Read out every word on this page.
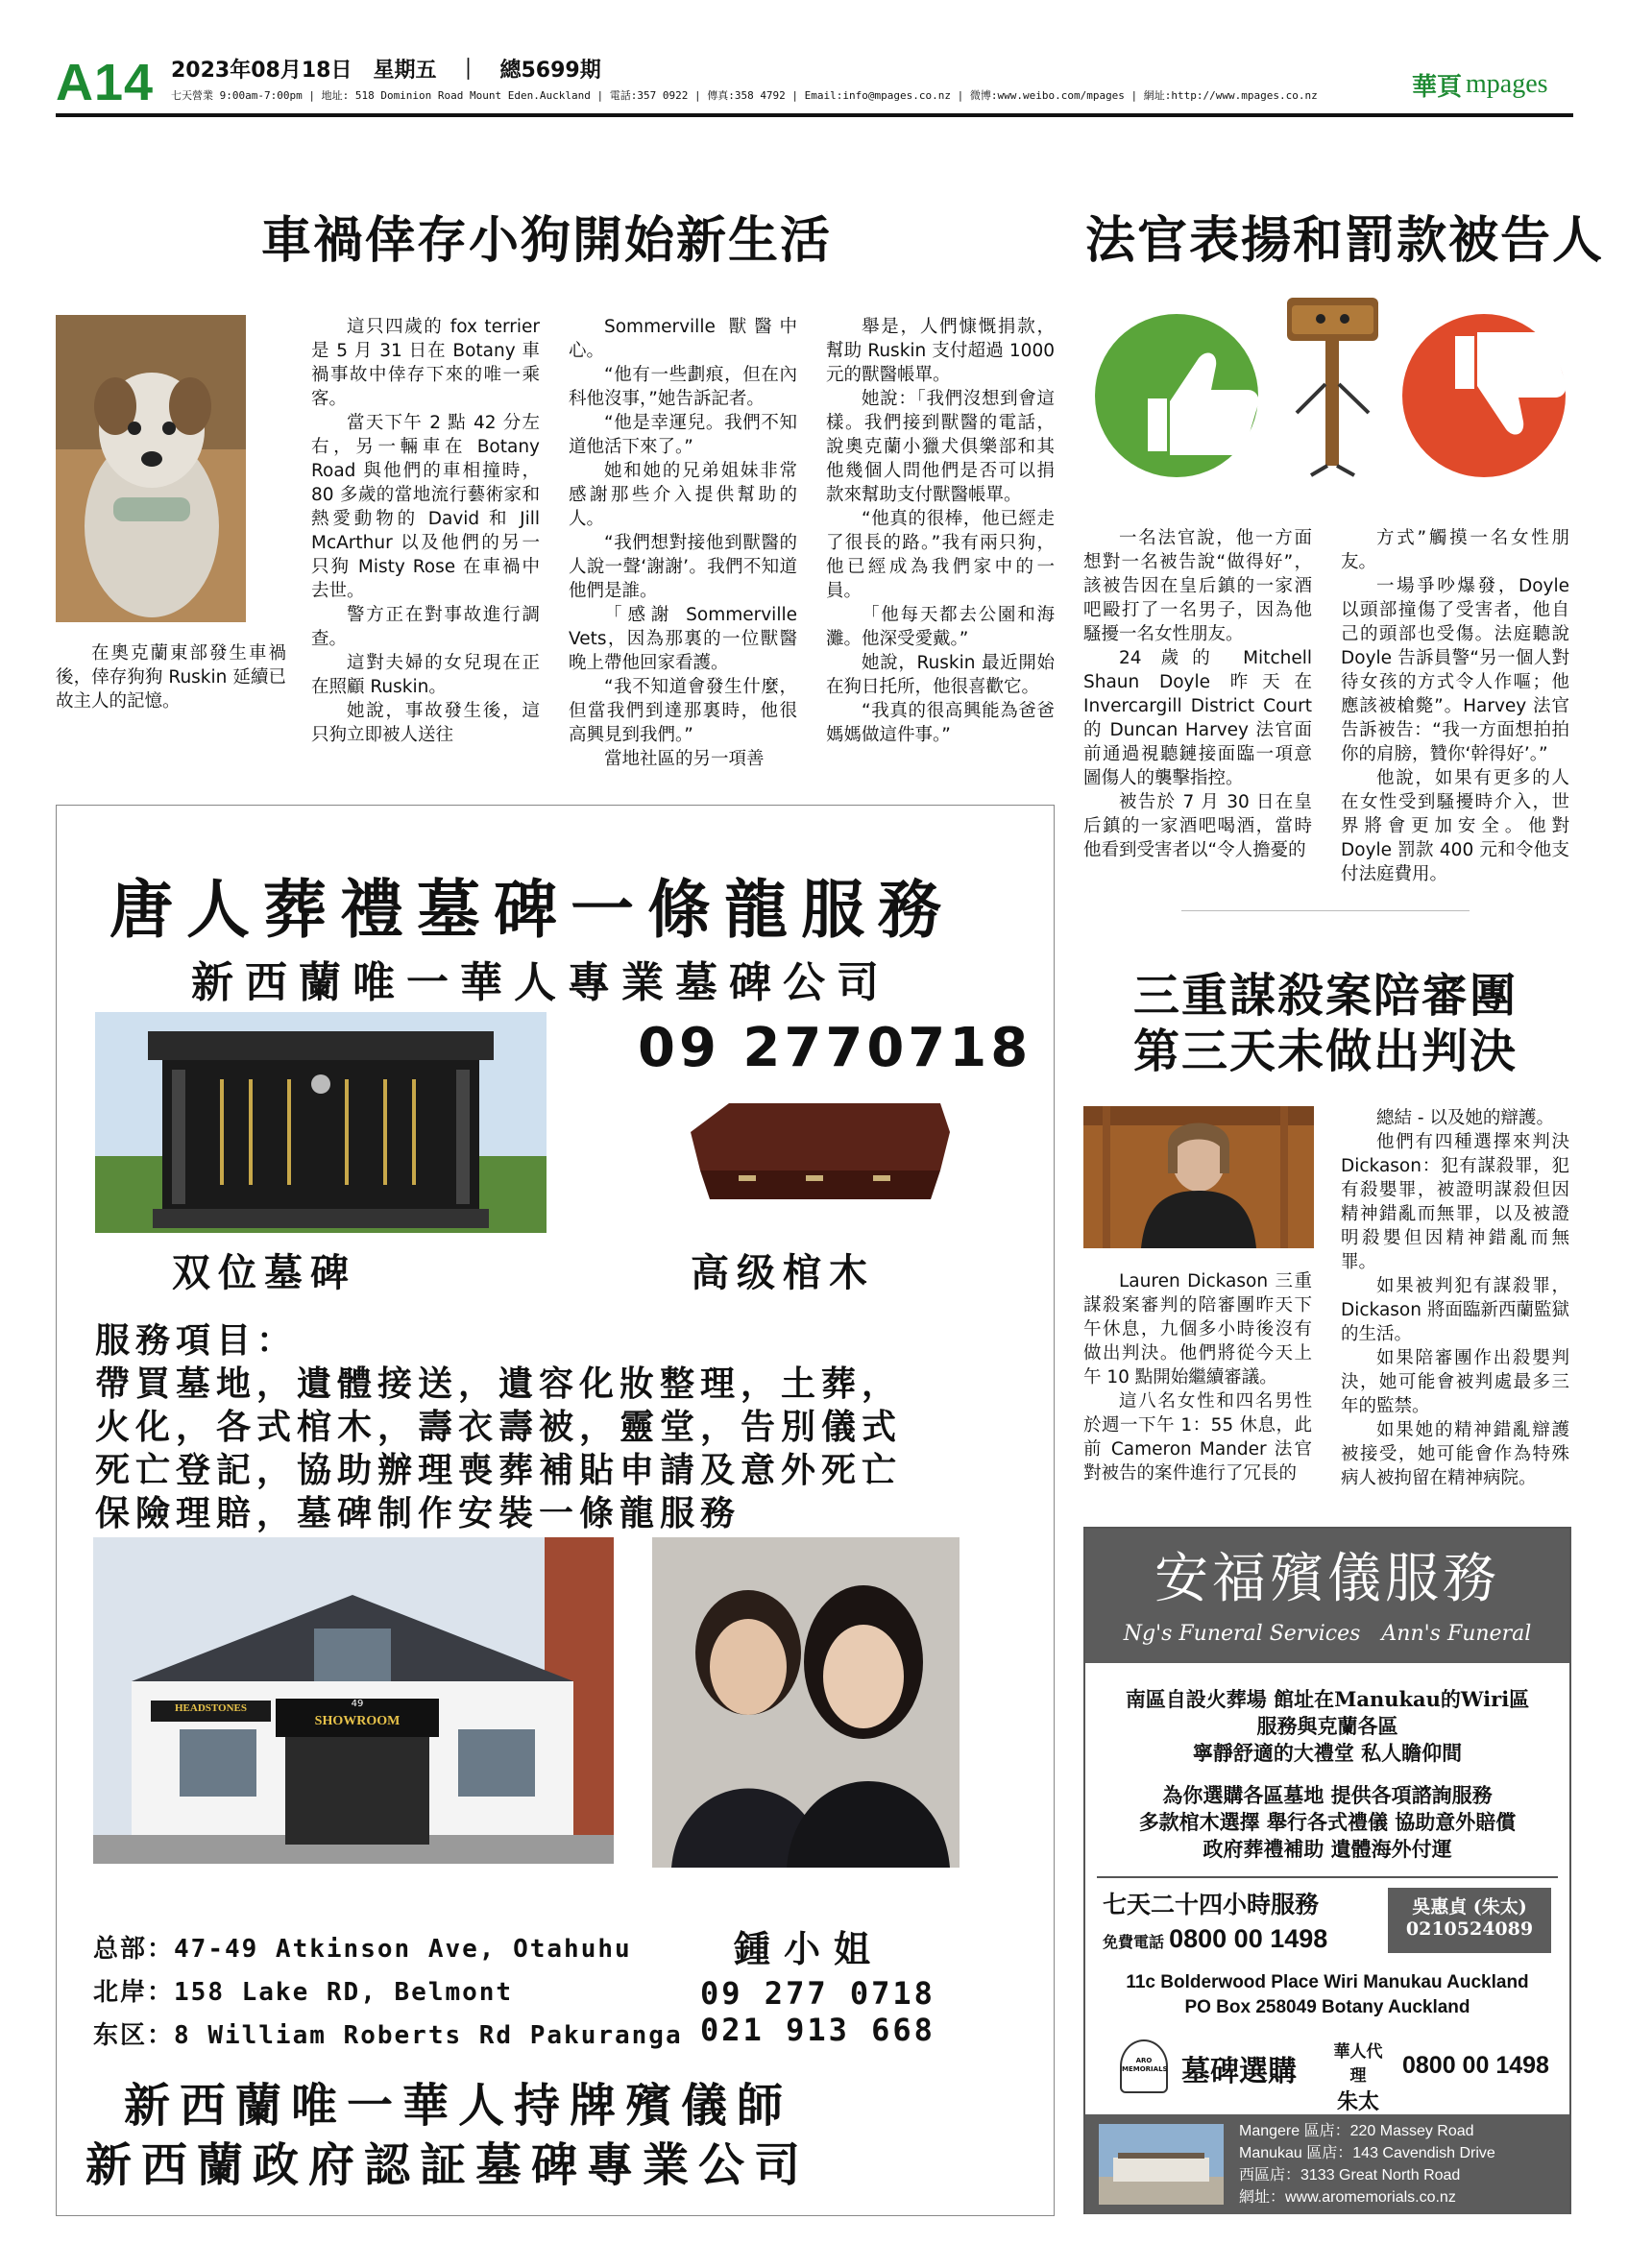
A14 2023年08月18日　星期五　｜　總5699期
七天營業 9:00am-7:00pm | 地址: 518 Dominion Road Mount Eden.Auckland | 電話:357 0922 | 傳真:358 4792 | Email:info@mpages.co.nz | 微博:www.weibo.com/mpages | 網址:http://www.mpages.co.nz	華頁 mpages
車禍倖存小狗開始新生活
在奧克蘭東部發生車禍後，倖存狗狗 Ruskin 延續已故主人的記憶。

這只四歲的 fox terrier 是 5 月 31 日在 Botany 車禍事故中倖存下來的唯一乘客。

當天下午 2 點 42 分左右，另一輛車在 Botany Road 與他們的車相撞時，80 多歲的當地流行藝術家和熱愛動物的 David 和 Jill McArthur 以及他們的另一只狗 Misty Rose 在車禍中去世。

警方正在對事故進行調查。

這對夫婦的女兒現在正在照顧 Ruskin。

她說，事故發生後，這只狗立即被人送往

Sommerville 獸醫中心。

“他有一些劃痕，但在內科他沒事，”她告訴記者。

“他是幸運兒。我們不知道他活下來了。”

她和她的兄弟姐妹非常感謝那些介入提供幫助的人。

“我們想對接他到獸醫的人說一聲‘謝謝’。我們不知道他們是誰。

「感謝 Sommerville Vets，因為那裏的一位獸醫晚上帶他回家看護。

“我不知道會發生什麼，但當我們到達那裏時，他很高興見到我們。”

當地社區的另一項善

舉是，人們慷慨捐款，幫助 Ruskin 支付超過 1000 元的獸醫帳單。

她說：「我們沒想到會這樣。我們接到獸醫的電話，說奧克蘭小獵犬俱樂部和其他幾個人問他們是否可以捐款來幫助支付獸醫帳單。

“他真的很棒，他已經走了很長的路。”我有兩只狗，他已經成為我們家中的一員。

「他每天都去公園和海灘。他深受愛戴。”

她說，Ruskin 最近開始在狗日托所，他很喜歡它。

“我真的很高興能為爸爸媽媽做這件事。”

法官表揚和罰款被告人

一名法官說，他一方面想對一名被告說“做得好”，該被告因在皇后鎮的一家酒吧毆打了一名男子，因為他騷擾一名女性朋友。

24 歲的 Mitchell Shaun Doyle 昨天在 Invercargill District Court 的 Duncan Harvey 法官面前通過視聽鏈接面臨一項意圖傷人的襲擊指控。

被告於 7 月 30 日在皇后鎮的一家酒吧喝酒，當時他看到受害者以“令人擔憂的

方式”觸摸一名女性朋友。

一場爭吵爆發，Doyle 以頭部撞傷了受害者，他自己的頭部也受傷。法庭聽說 Doyle 告訴員警“另一個人對待女孩的方式令人作嘔；他應該被槍斃”。Harvey 法官告訴被告：“我一方面想拍拍你的肩膀，贊你‘幹得好’。”

他說，如果有更多的人在女性受到騷擾時介入，世界將會更加安全。他對 Doyle 罰款 400 元和令他支付法庭費用。

三重謀殺案陪審團
第三天未做出判決

Lauren Dickason 三重謀殺案審判的陪審團昨天下午休息，九個多小時後沒有做出判決。他們將從今天上午 10 點開始繼續審議。

這八名女性和四名男性於週一下午 1：55 休息，此前 Cameron Mander 法官對被告的案件進行了冗長的

總結 - 以及她的辯護。

他們有四種選擇來判決 Dickason：犯有謀殺罪，犯有殺嬰罪，被證明謀殺但因精神錯亂而無罪，以及被證明殺嬰但因精神錯亂而無罪。

如果被判犯有謀殺罪，Dickason 將面臨新西蘭監獄的生活。

如果陪審團作出殺嬰判決，她可能會被判處最多三年的監禁。

如果她的精神錯亂辯護被接受，她可能會作為特殊病人被拘留在精神病院。

唐人葬禮墓碑一條龍服務
新西蘭唯一華人專業墓碑公司
09 2770718
双位墓碑	高级棺木
服務項目：
帶買墓地，遺體接送，遺容化妝整理，土葬，
火化，各式棺木，壽衣壽被，靈堂，告別儀式
死亡登記，協助辦理喪葬補貼申請及意外死亡
保險理賠，墓碑制作安裝一條龍服務
HEADSTONES	49
SHOWROOM
总部：47-49 Atkinson Ave, Otahuhu
北岸：158 Lake RD, Belmont
东区：8 William Roberts Rd Pakuranga
鍾小姐
09 277 0718
021 913 668
新西蘭唯一華人持牌殯儀師
新西蘭政府認証墓碑專業公司
安福殯儀服務
Ng's Funeral Services　Ann's Funeral
南區自設火葬場 館址在Manukau的Wiri區
服務與克蘭各區
寧靜舒適的大禮堂 私人瞻仰間
為你選購各區墓地 提供各項諮詢服務
多款棺木選擇 舉行各式禮儀 協助意外賠償
政府葬禮補助 遺體海外付運
七天二十四小時服務
免費電話 0800 00 1498
吳惠貞 (朱太)
0210524089
11c Bolderwood Place Wiri Manukau Auckland
PO Box 258049 Botany Auckland
ARO MEMORIALS 墓碑選購
華人代理
朱太
0800 00 1498
Mangere 區店：220 Massey Road
Manukau 區店：143 Cavendish Drive
西區店：3133 Great North Road
網址：www.aromemorials.co.nz
